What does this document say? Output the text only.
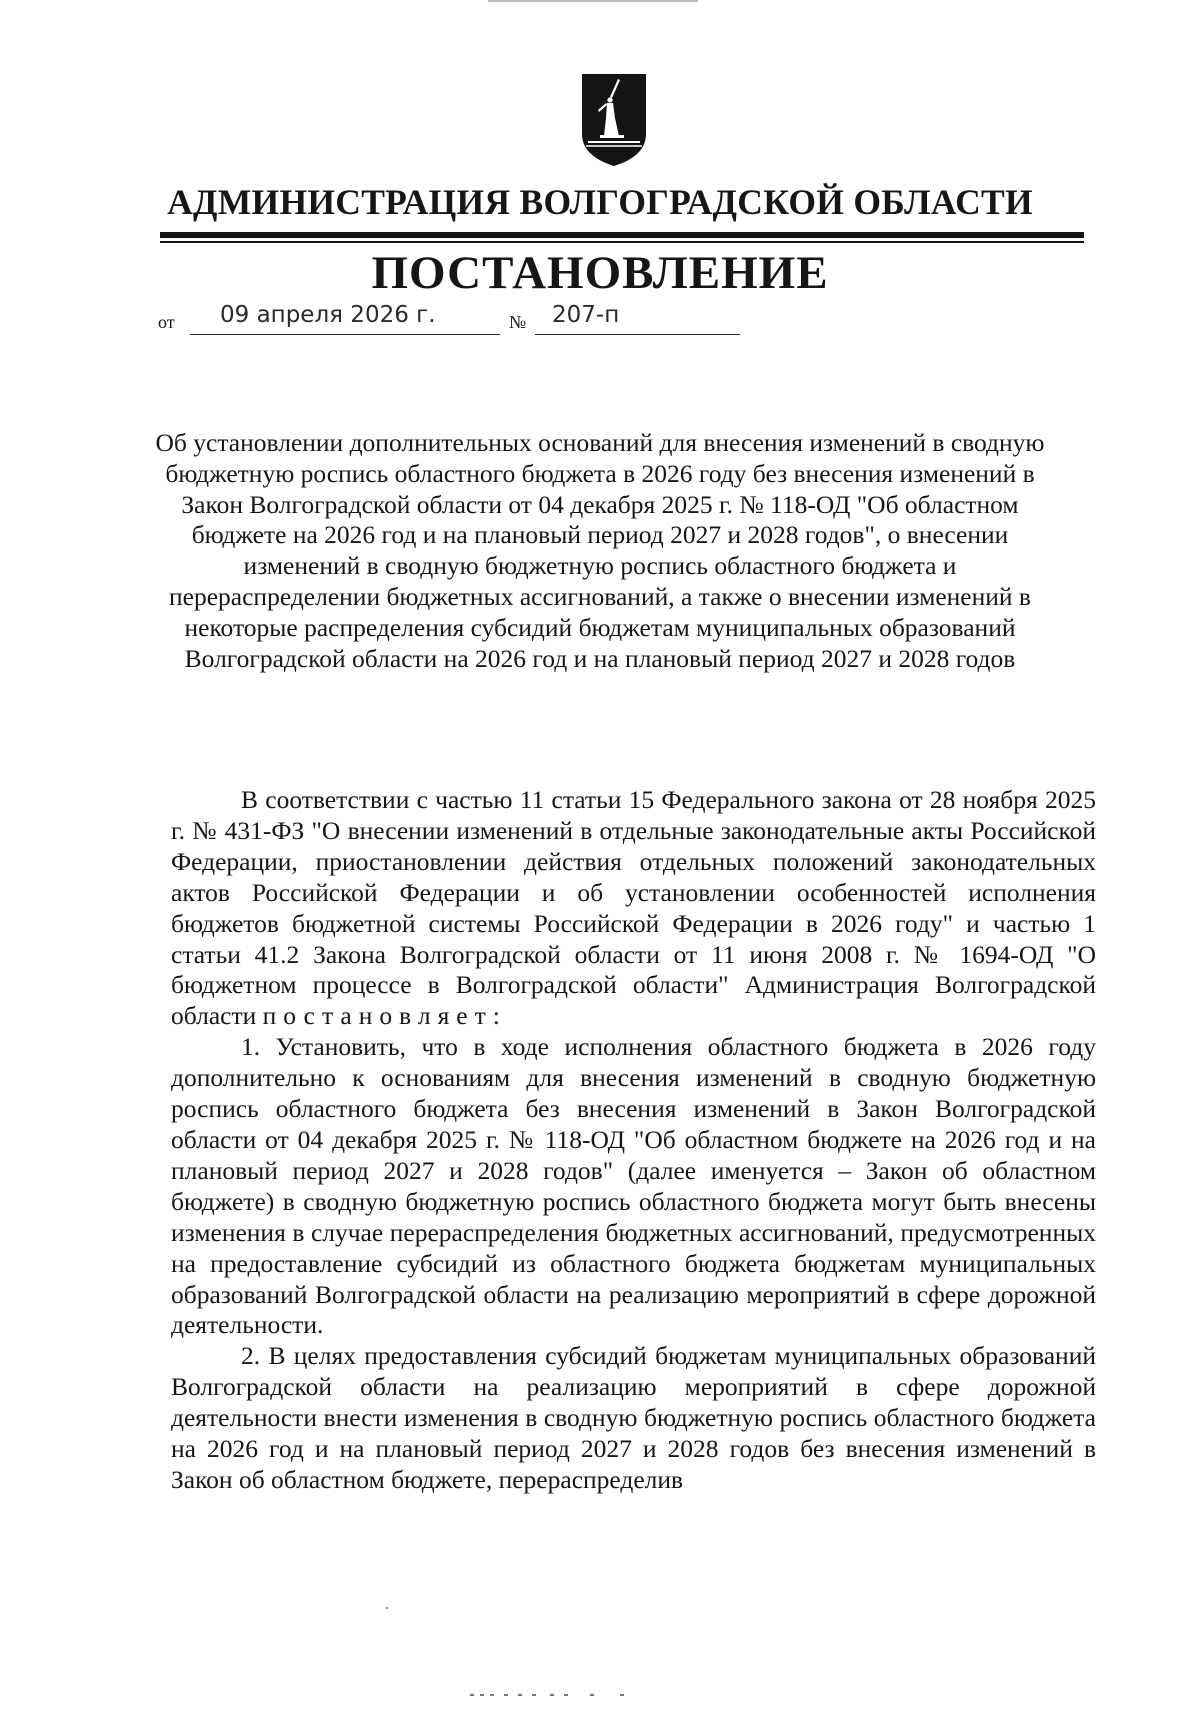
АДМИНИСТРАЦИЯ ВОЛГОГРАДСКОЙ ОБЛАСТИ
ПОСТАНОВЛЕНИЕ
от 09 апреля 2026 г.	№ 207-п
Об установлении дополнительных оснований для внесения изменений в сводную бюджетную роспись областного бюджета в 2026 году без внесения изменений в Закон Волгоградской области от 04 декабря 2025 г. № 118-ОД "Об областном бюджете на 2026 год и на плановый период 2027 и 2028 годов", о внесении изменений в сводную бюджетную роспись областного бюджета и перераспределении бюджетных ассигнований, а также о внесении изменений в некоторые распределения субсидий бюджетам муниципальных образований Волгоградской области на 2026 год и на плановый период 2027 и 2028 годов

В соответствии с частью 11 статьи 15 Федерального закона от 28 ноября 2025 г. № 431-ФЗ "О внесении изменений в отдельные законодательные акты Российской Федерации, приостановлении действия отдельных положений законодательных актов Российской Федерации и об установлении особенностей исполнения бюджетов бюджетной системы Российской Федерации в 2026 году" и частью 1 статьи 41.2 Закона Волгоградской области от 11 июня 2008 г. № 1694-ОД "О бюджетном процессе в Волгоградской области" Администрация Волгоградской области постановляет:

1. Установить, что в ходе исполнения областного бюджета в 2026 году дополнительно к основаниям для внесения изменений в сводную бюджетную роспись областного бюджета без внесения изменений в Закон Волгоградской области от 04 декабря 2025 г. № 118-ОД "Об областном бюджете на 2026 год и на плановый период 2027 и 2028 годов" (далее именуется – Закон об областном бюджете) в сводную бюджетную роспись областного бюджета могут быть внесены изменения в случае перераспределения бюджетных ассигнований, предусмотренных на предоставление субсидий из областного бюджета бюджетам муниципальных образований Волгоградской области на реализацию мероприятий в сфере дорожной деятельности.

2. В целях предоставления субсидий бюджетам муниципальных образований Волгоградской области на реализацию мероприятий в сфере дорожной деятельности внести изменения в сводную бюджетную роспись областного бюджета на 2026 год и на плановый период 2027 и 2028 годов без внесения изменений в Закон об областном бюджете, перераспределив
